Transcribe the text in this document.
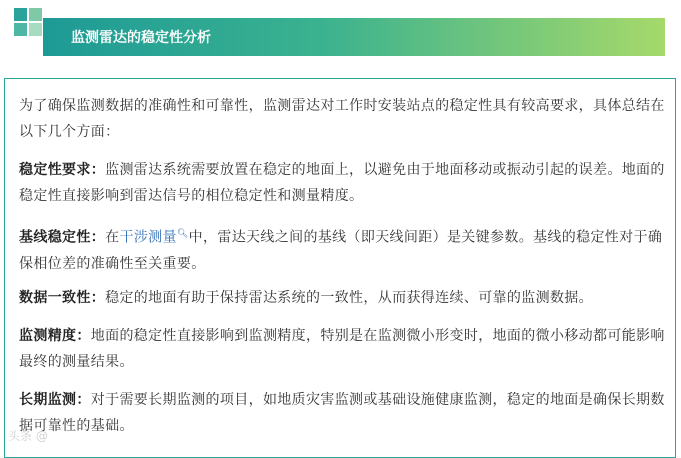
监测雷达的稳定性分析

为了确保监测数据的准确性和可靠性，监测雷达对工作时安装站点的稳定性具有较高要求，具体总结在以下几个方面：

稳定性要求：监测雷达系统需要放置在稳定的地面上，以避免由于地面移动或振动引起的误差。地面的稳定性直接影响到雷达信号的相位稳定性和测量精度。

基线稳定性：在干涉测量🔍︎中，雷达天线之间的基线（即天线间距）是关键参数。基线的稳定性对于确保相位差的准确性至关重要。

数据一致性：稳定的地面有助于保持雷达系统的一致性，从而获得连续、可靠的监测数据。

监测精度：地面的稳定性直接影响到监测精度，特别是在监测微小形变时，地面的微小移动都可能影响最终的测量结果。

长期监测：对于需要长期监测的项目，如地质灾害监测或基础设施健康监测，稳定的地面是确保长期数据可靠性的基础。

头条 @
